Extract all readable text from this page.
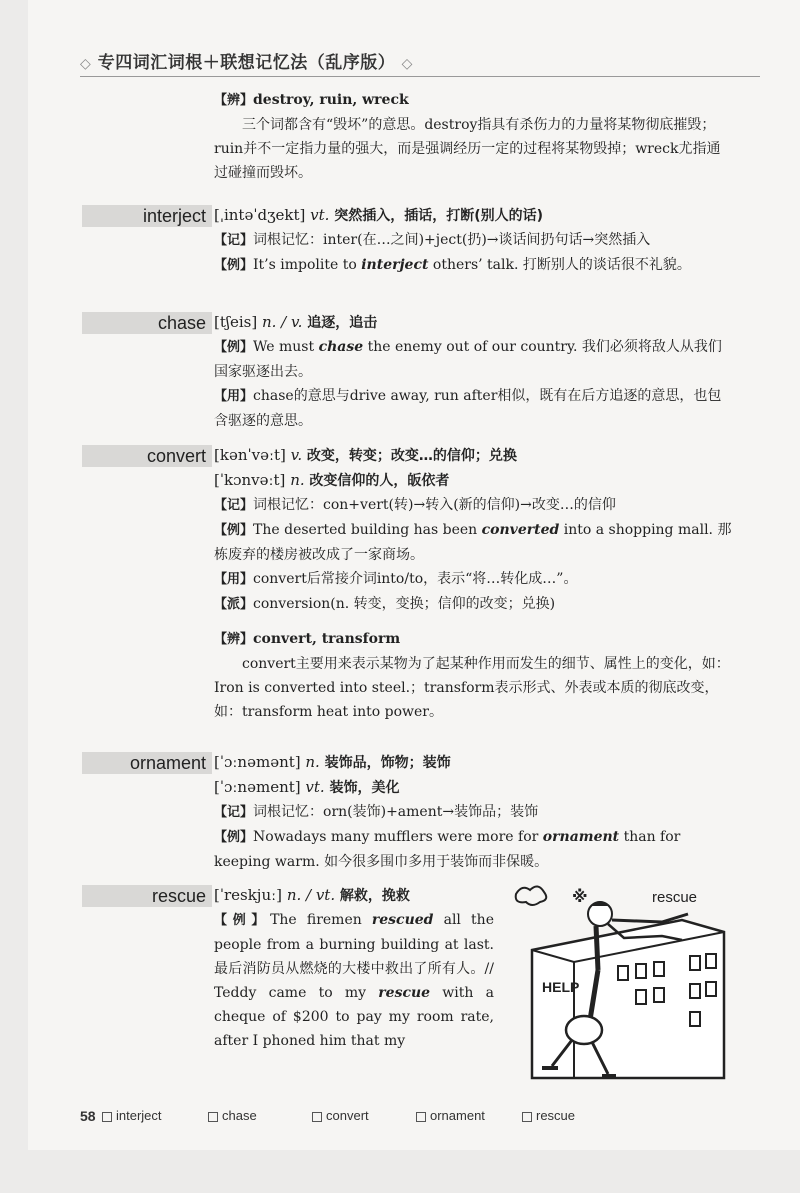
◇ 专四词汇词根＋联想记忆法（乱序版） ◇

【辨】destroy, ruin, wreck

三个词都含有“毁坏”的意思。destroy指具有杀伤力的力量将某物彻底摧毁；ruin并不一定指力量的强大，而是强调经历一定的过程将某物毁掉；wreck尤指通过碰撞而毁坏。

interject [ˌintəˈdʒekt] vt. 突然插入，插话，打断(别人的话)

【记】词根记忆：inter(在…之间)+ject(扔)→谈话间扔句话→突然插入

【例】It’s impolite to interject others’ talk. 打断别人的谈话很不礼貌。

chase [tʃeis] n. / v. 追逐，追击

【例】We must chase the enemy out of our country. 我们必须将敌人从我们国家驱逐出去。

【用】chase的意思与drive away, run after相似，既有在后方追逐的意思，也包含驱逐的意思。

convert [kənˈvəːt] v. 改变，转变；改变…的信仰；兑换

[ˈkɔnvəːt] n. 改变信仰的人，皈依者

【记】词根记忆：con+vert(转)→转入(新的信仰)→改变…的信仰

【例】The deserted building has been converted into a shopping mall. 那栋废弃的楼房被改成了一家商场。

【用】convert后常接介词into/to，表示“将…转化成…”。

【派】conversion(n. 转变，变换；信仰的改变；兑换)

【辨】convert, transform

convert主要用来表示某物为了起某种作用而发生的细节、属性上的变化，如：Iron is converted into steel.；transform表示形式、外表或本质的彻底改变，如：transform heat into power。

ornament [ˈɔːnəmənt] n. 装饰品，饰物；装饰

[ˈɔːnəment] vt. 装饰，美化

【记】词根记忆：orn(装饰)+ament→装饰品；装饰

【例】Nowadays many mufflers were more for ornament than for keeping warm. 如今很多围巾多用于装饰而非保暖。

rescue [ˈreskjuː] n. / vt. 解救，挽救

【例】The firemen rescued all the people from a burning building at last. 最后消防员从燃烧的大楼中救出了所有人。// Teddy came to my rescue with a cheque of $200 to pay my room rate, after I phoned him that my

※	rescue
HELP
58 interject	chase	convert	ornament	rescue
